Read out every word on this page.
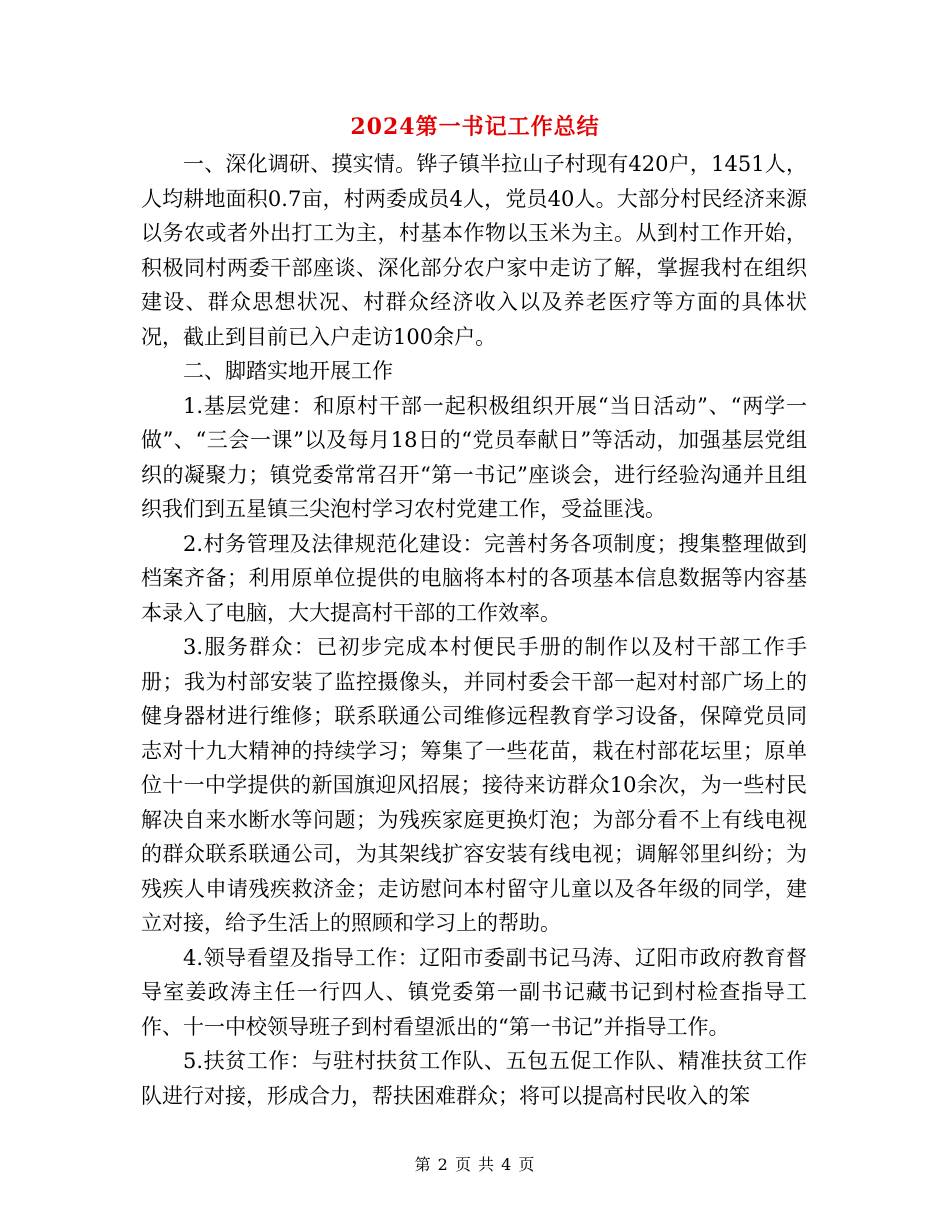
2024第一书记工作总结

一、深化调研、摸实情。铧子镇半拉山子村现有420户，1451人，人均耕地面积0.7亩，村两委成员4人，党员40人。大部分村民经济来源以务农或者外出打工为主，村基本作物以玉米为主。从到村工作开始，积极同村两委干部座谈、深化部分农户家中走访了解，掌握我村在组织建设、群众思想状况、村群众经济收入以及养老医疗等方面的具体状况，截止到目前已入户走访100余户。

二、脚踏实地开展工作

1.基层党建：和原村干部一起积极组织开展“当日活动”、“两学一做”、“三会一课”以及每月18日的“党员奉献日”等活动，加强基层党组织的凝聚力；镇党委常常召开“第一书记”座谈会，进行经验沟通并且组织我们到五星镇三尖泡村学习农村党建工作，受益匪浅。

2.村务管理及法律规范化建设：完善村务各项制度；搜集整理做到档案齐备；利用原单位提供的电脑将本村的各项基本信息数据等内容基本录入了电脑，大大提高村干部的工作效率。

3.服务群众：已初步完成本村便民手册的制作以及村干部工作手册；我为村部安装了监控摄像头，并同村委会干部一起对村部广场上的健身器材进行维修；联系联通公司维修远程教育学习设备，保障党员同志对十九大精神的持续学习；筹集了一些花苗，栽在村部花坛里；原单位十一中学提供的新国旗迎风招展；接待来访群众10余次，为一些村民解决自来水断水等问题；为残疾家庭更换灯泡；为部分看不上有线电视的群众联系联通公司，为其架线扩容安装有线电视；调解邻里纠纷；为残疾人申请残疾救济金；走访慰问本村留守儿童以及各年级的同学，建立对接，给予生活上的照顾和学习上的帮助。

4.领导看望及指导工作：辽阳市委副书记马涛、辽阳市政府教育督导室姜政涛主任一行四人、镇党委第一副书记藏书记到村检查指导工作、十一中校领导班子到村看望派出的“第一书记”并指导工作。

5.扶贫工作：与驻村扶贫工作队、五包五促工作队、精准扶贫工作队进行对接，形成合力，帮扶困难群众；将可以提高村民收入的笨

第 2 页 共 4 页
